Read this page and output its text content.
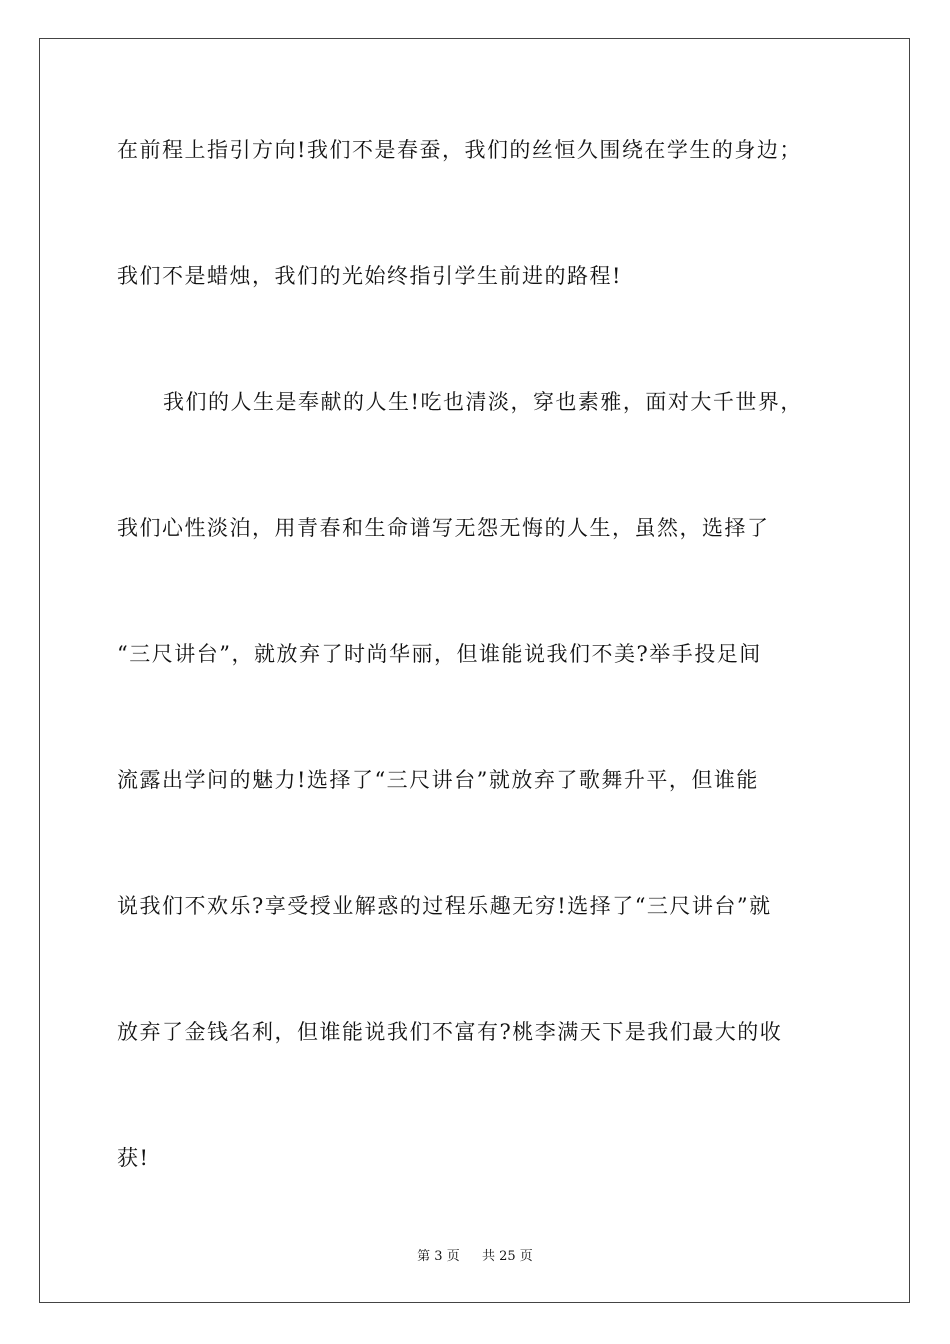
在前程上指引方向!我们不是春蚕，我们的丝恒久围绕在学生的身边；

我们不是蜡烛，我们的光始终指引学生前进的路程!

我们的人生是奉献的人生!吃也清淡，穿也素雅，面对大千世界，

我们心性淡泊，用青春和生命谱写无怨无悔的人生，虽然，选择了

“三尺讲台”，就放弃了时尚华丽，但谁能说我们不美?举手投足间

流露出学问的魅力!选择了“三尺讲台”就放弃了歌舞升平，但谁能

说我们不欢乐?享受授业解惑的过程乐趣无穷!选择了“三尺讲台”就

放弃了金钱名利，但谁能说我们不富有?桃李满天下是我们最大的收

获!

第 3 页 共 25 页
